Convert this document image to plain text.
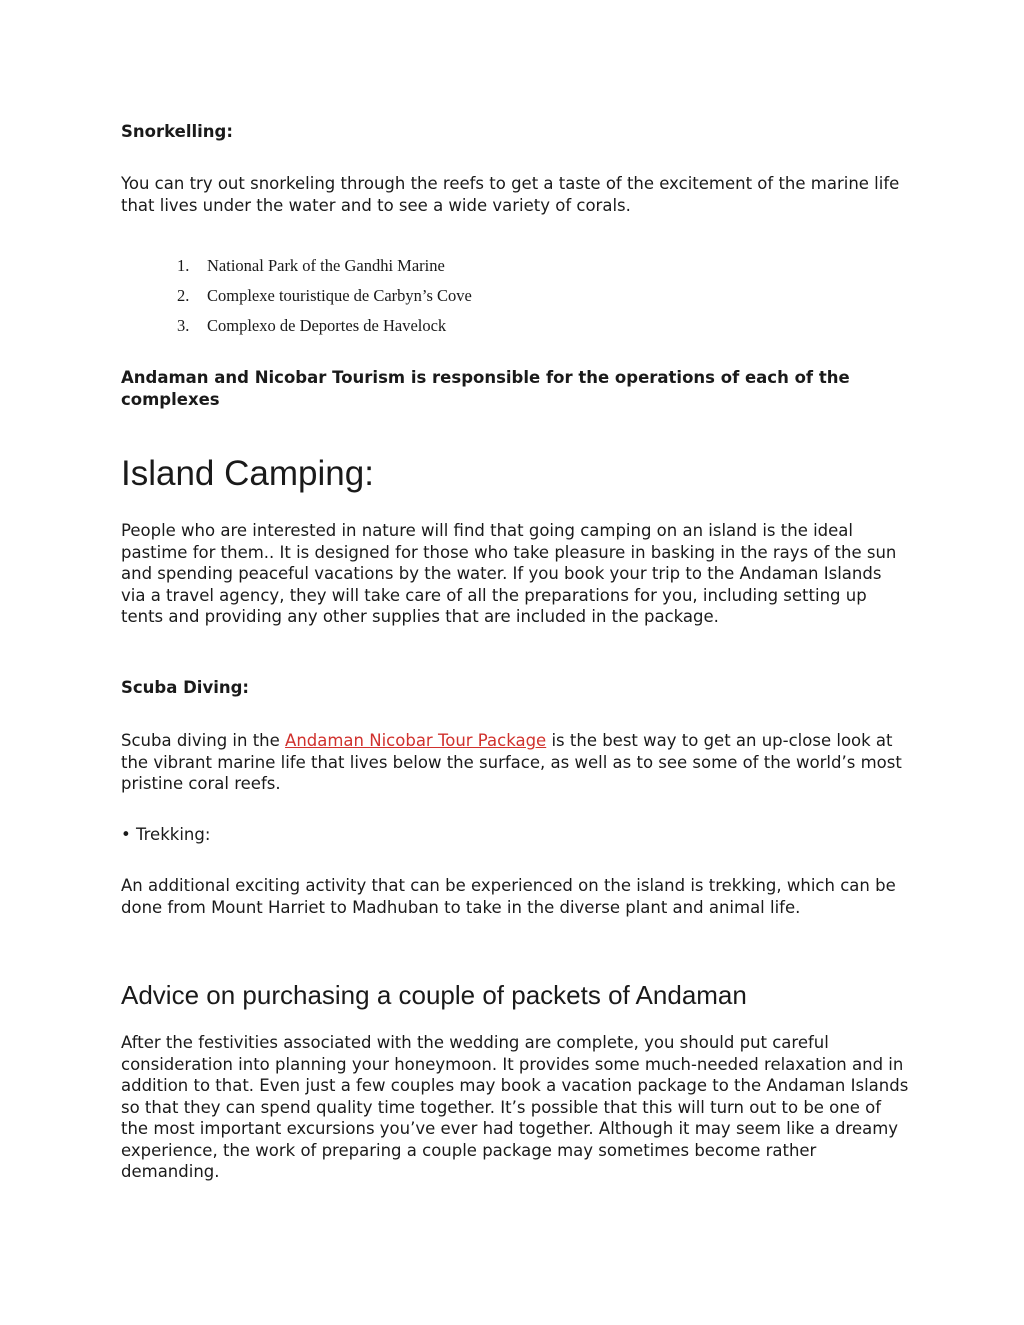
Snorkelling:

You can try out snorkeling through the reefs to get a taste of the excitement of the marine life that lives under the water and to see a wide variety of corals.

1. National Park of the Gandhi Marine
2. Complexe touristique de Carbyn’s Cove
3. Complexo de Deportes de Havelock

Andaman and Nicobar Tourism is responsible for the operations of each of the complexes

Island Camping:

People who are interested in nature will find that going camping on an island is the ideal pastime for them.. It is designed for those who take pleasure in basking in the rays of the sun and spending peaceful vacations by the water. If you book your trip to the Andaman Islands via a travel agency, they will take care of all the preparations for you, including setting up tents and providing any other supplies that are included in the package.

Scuba Diving:

Scuba diving in the Andaman Nicobar Tour Package is the best way to get an up-close look at the vibrant marine life that lives below the surface, as well as to see some of the world’s most pristine coral reefs.

• Trekking:

An additional exciting activity that can be experienced on the island is trekking, which can be done from Mount Harriet to Madhuban to take in the diverse plant and animal life.

Advice on purchasing a couple of packets of Andaman

After the festivities associated with the wedding are complete, you should put careful consideration into planning your honeymoon. It provides some much-needed relaxation and in addition to that. Even just a few couples may book a vacation package to the Andaman Islands so that they can spend quality time together. It’s possible that this will turn out to be one of the most important excursions you’ve ever had together. Although it may seem like a dreamy experience, the work of preparing a couple package may sometimes become rather demanding.
